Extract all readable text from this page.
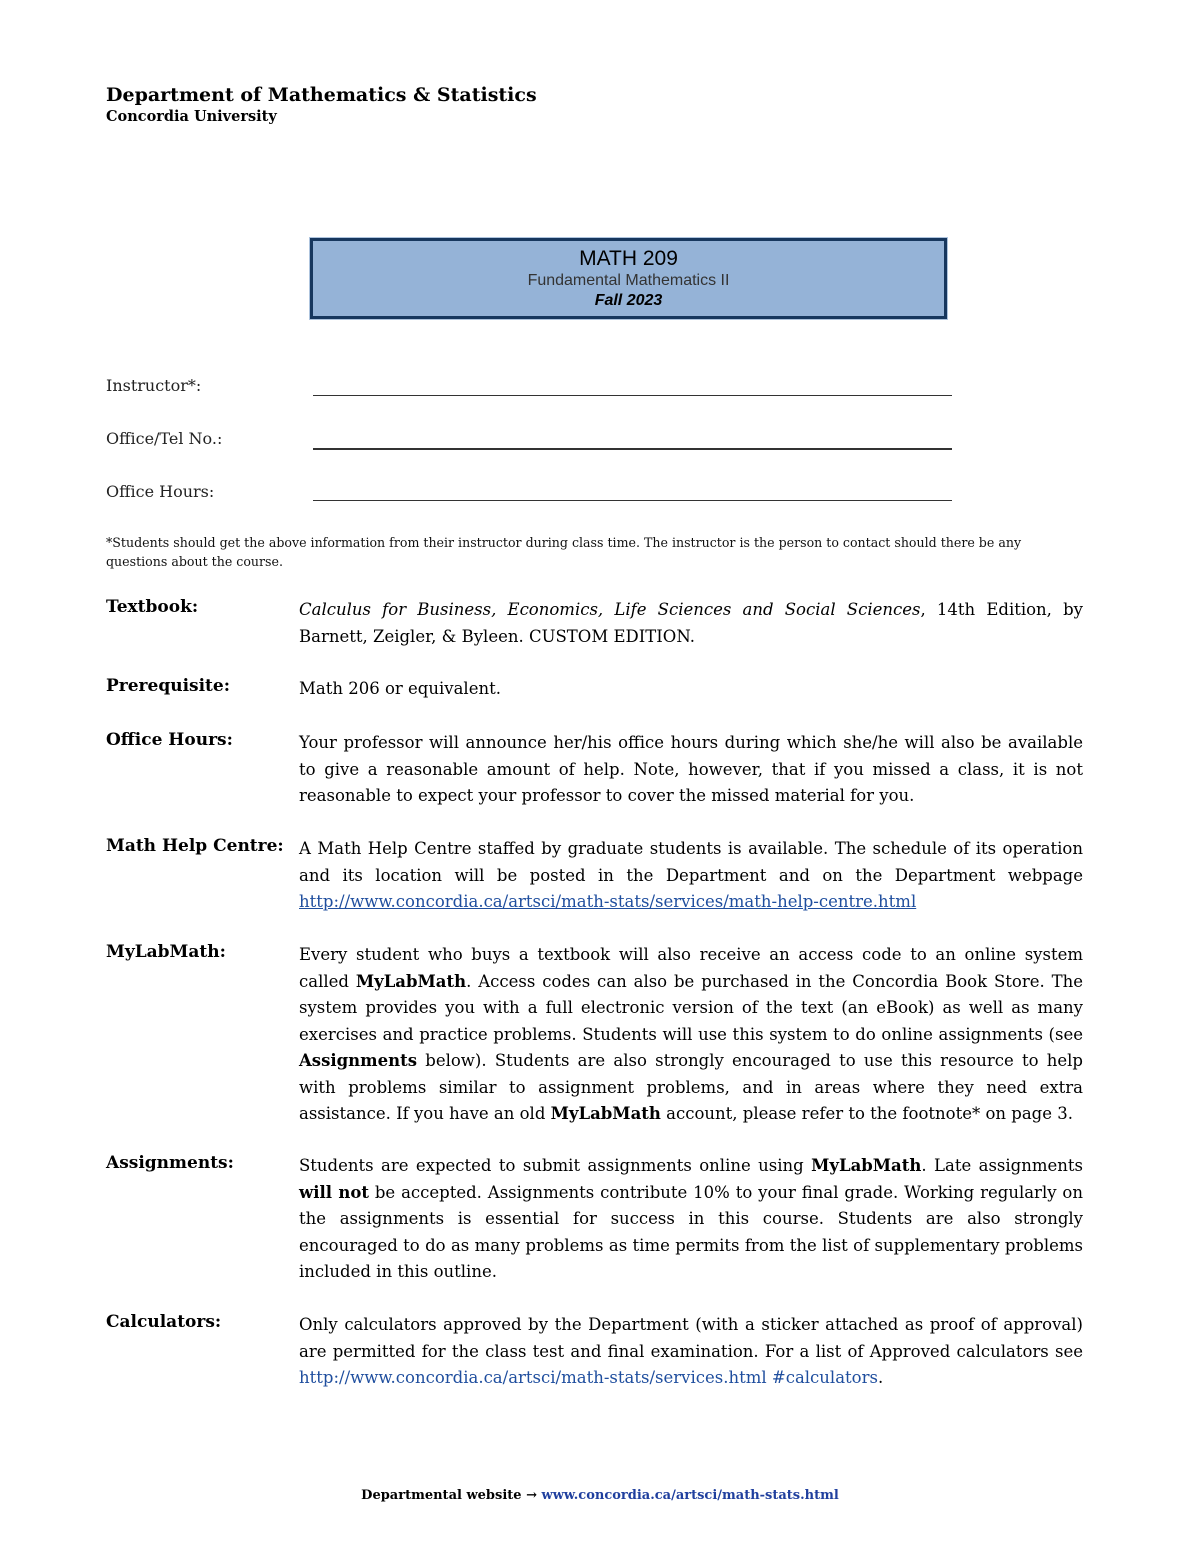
Department of Mathematics & Statistics
Concordia University
MATH 209
Fundamental Mathematics II
Fall 2023
Instructor*:
Office/Tel No.:
Office Hours:
*Students should get the above information from their instructor during class time. The instructor is the person to contact should there be any questions about the course.
Textbook:	Calculus for Business, Economics, Life Sciences and Social Sciences, 14th Edition, by Barnett, Zeigler, & Byleen. CUSTOM EDITION.
Prerequisite:	Math 206 or equivalent.
Office Hours:	Your professor will announce her/his office hours during which she/he will also be available to give a reasonable amount of help. Note, however, that if you missed a class, it is not reasonable to expect your professor to cover the missed material for you.
Math Help Centre: A Math Help Centre staffed by graduate students is available. The schedule of its operation and its location will be posted in the Department and on the Department webpage http://www.concordia.ca/artsci/math-stats/services/math-help-centre.html
MyLabMath:	Every student who buys a textbook will also receive an access code to an online system called MyLabMath. Access codes can also be purchased in the Concordia Book Store. The system provides you with a full electronic version of the text (an eBook) as well as many exercises and practice problems. Students will use this system to do online assignments (see Assignments below). Students are also strongly encouraged to use this resource to help with problems similar to assignment problems, and in areas where they need extra assistance. If you have an old MyLabMath account, please refer to the footnote* on page 3.
Assignments:	Students are expected to submit assignments online using MyLabMath. Late assignments will not be accepted. Assignments contribute 10% to your final grade. Working regularly on the assignments is essential for success in this course. Students are also strongly encouraged to do as many problems as time permits from the list of supplementary problems included in this outline.
Calculators:	Only calculators approved by the Department (with a sticker attached as proof of approval) are permitted for the class test and final examination. For a list of Approved calculators see http://www.concordia.ca/artsci/math-stats/services.html #calculators.
Departmental website → www.concordia.ca/artsci/math-stats.html
